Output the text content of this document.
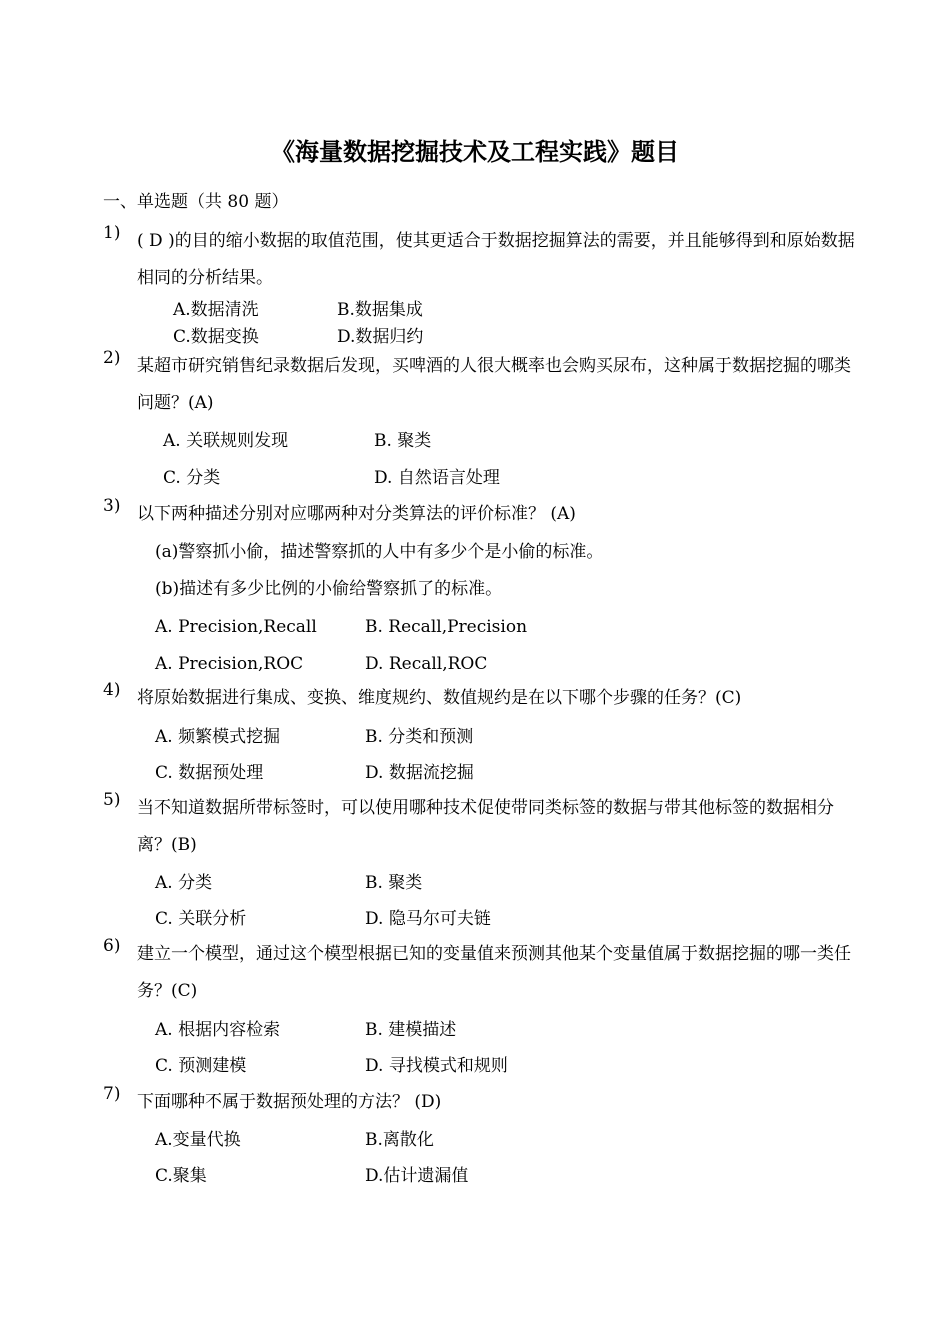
《海量数据挖掘技术及工程实践》题目
一、单选题（共 80 题）
1) ( D )的目的缩小数据的取值范围，使其更适合于数据挖掘算法的需要，并且能够得到和原始数据相同的分析结果。
A.数据清洗	B.数据集成
C.数据变换	D.数据归约
2) 某超市研究销售纪录数据后发现，买啤酒的人很大概率也会购买尿布，这种属于数据挖掘的哪类问题？(A)
A. 关联规则发现	B. 聚类
C. 分类	D. 自然语言处理
3) 以下两种描述分别对应哪两种对分类算法的评价标准？ (A)
(a)警察抓小偷，描述警察抓的人中有多少个是小偷的标准。
(b)描述有多少比例的小偷给警察抓了的标准。
A. Precision,Recall	B. Recall,Precision
A. Precision,ROC	D. Recall,ROC
4) 将原始数据进行集成、变换、维度规约、数值规约是在以下哪个步骤的任务？(C)
A. 频繁模式挖掘	B. 分类和预测
C. 数据预处理	D. 数据流挖掘
5) 当不知道数据所带标签时，可以使用哪种技术促使带同类标签的数据与带其他标签的数据相分离？(B)
A. 分类	B. 聚类
C. 关联分析	D. 隐马尔可夫链
6) 建立一个模型，通过这个模型根据已知的变量值来预测其他某个变量值属于数据挖掘的哪一类任务？(C)
A. 根据内容检索	B. 建模描述
C. 预测建模	D. 寻找模式和规则
7) 下面哪种不属于数据预处理的方法？ (D)
A.变量代换	B.离散化
C.聚集	D.估计遗漏值
